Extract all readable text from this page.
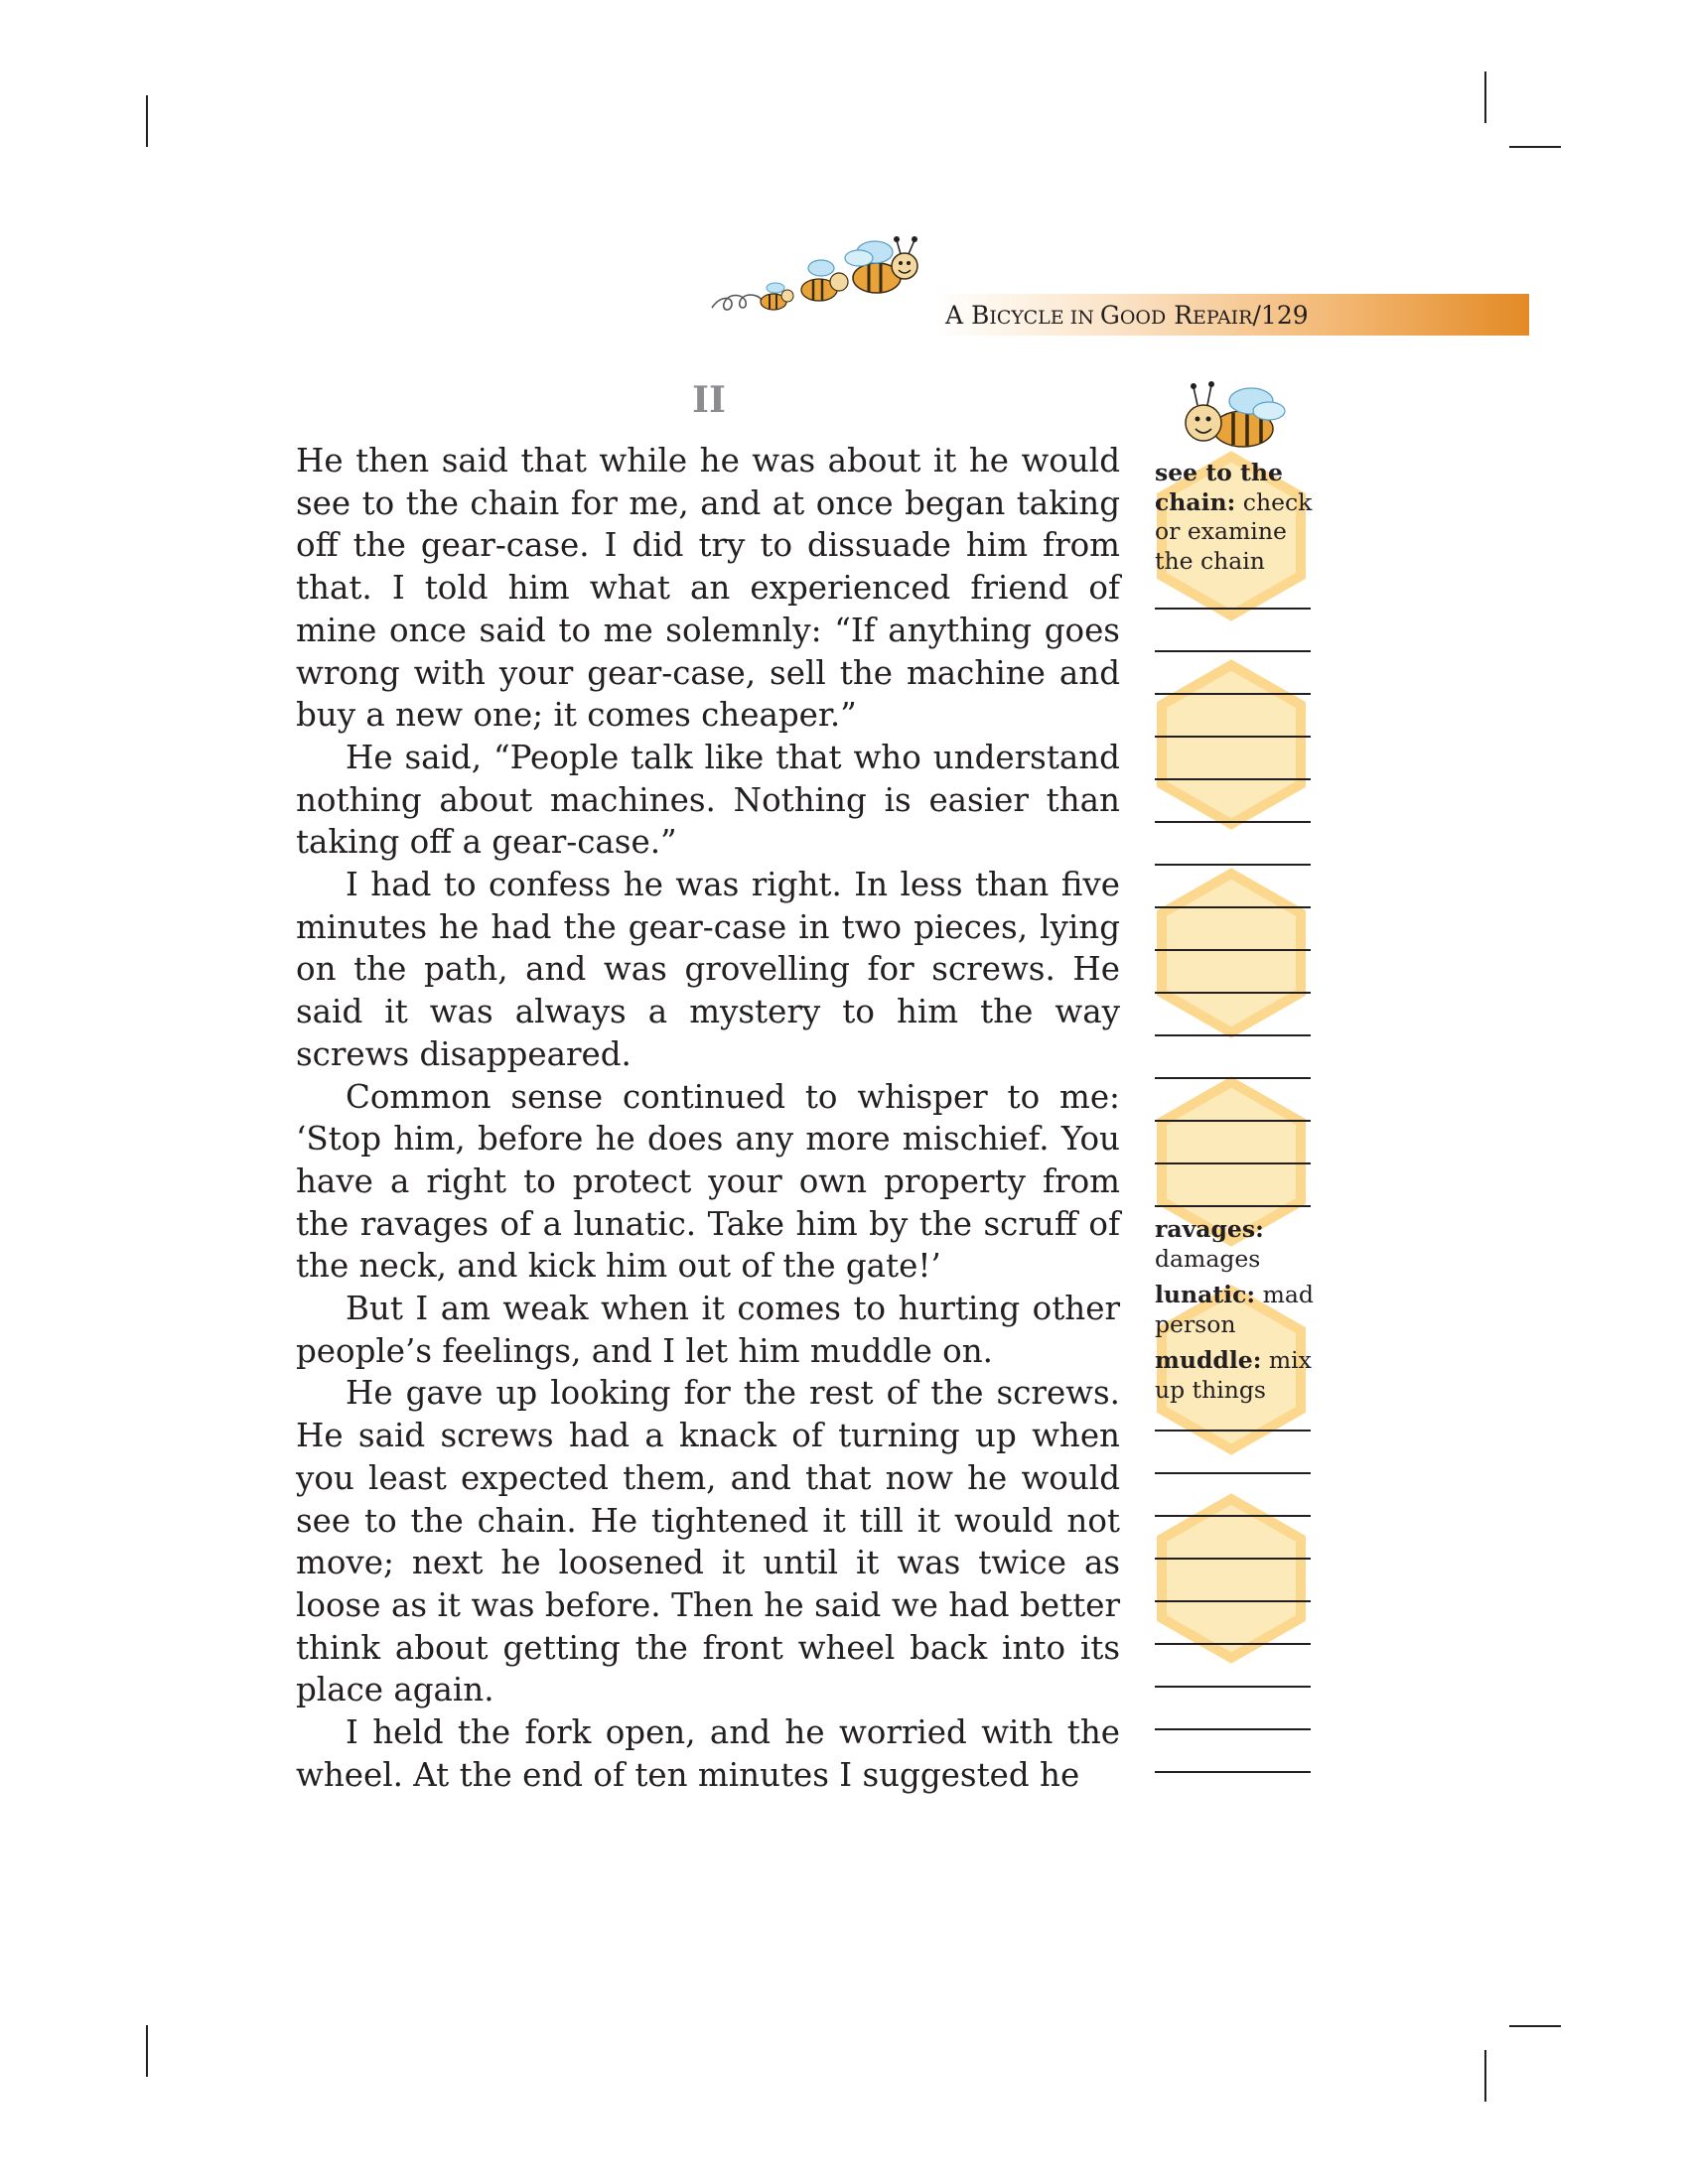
A BICYCLE IN GOOD REPAIR/129
II

He then said that while he was about it he would see to the chain for me, and at once began taking off the gear-case. I did try to dissuade him from that. I told him what an experienced friend of mine once said to me solemnly: “If anything goes wrong with your gear-case, sell the machine and buy a new one; it comes cheaper.”

He said, “People talk like that who understand nothing about machines. Nothing is easier than taking off a gear-case.”

I had to confess he was right. In less than five minutes he had the gear-case in two pieces, lying on the path, and was grovelling for screws. He said it was always a mystery to him the way screws disappeared.

Common sense continued to whisper to me: ‘Stop him, before he does any more mischief. You have a right to protect your own property from the ravages of a lunatic. Take him by the scruff of the neck, and kick him out of the gate!’

But I am weak when it comes to hurting other people’s feelings, and I let him muddle on.

He gave up looking for the rest of the screws. He said screws had a knack of turning up when you least expected them, and that now he would see to the chain. He tightened it till it would not move; next he loosened it until it was twice as loose as it was before. Then he said we had better think about getting the front wheel back into its place again.

I held the fork open, and he worried with the wheel. At the end of ten minutes I suggested he

see to the chain: check or examine the chain
ravages: damages
lunatic: mad person
muddle: mix up things
